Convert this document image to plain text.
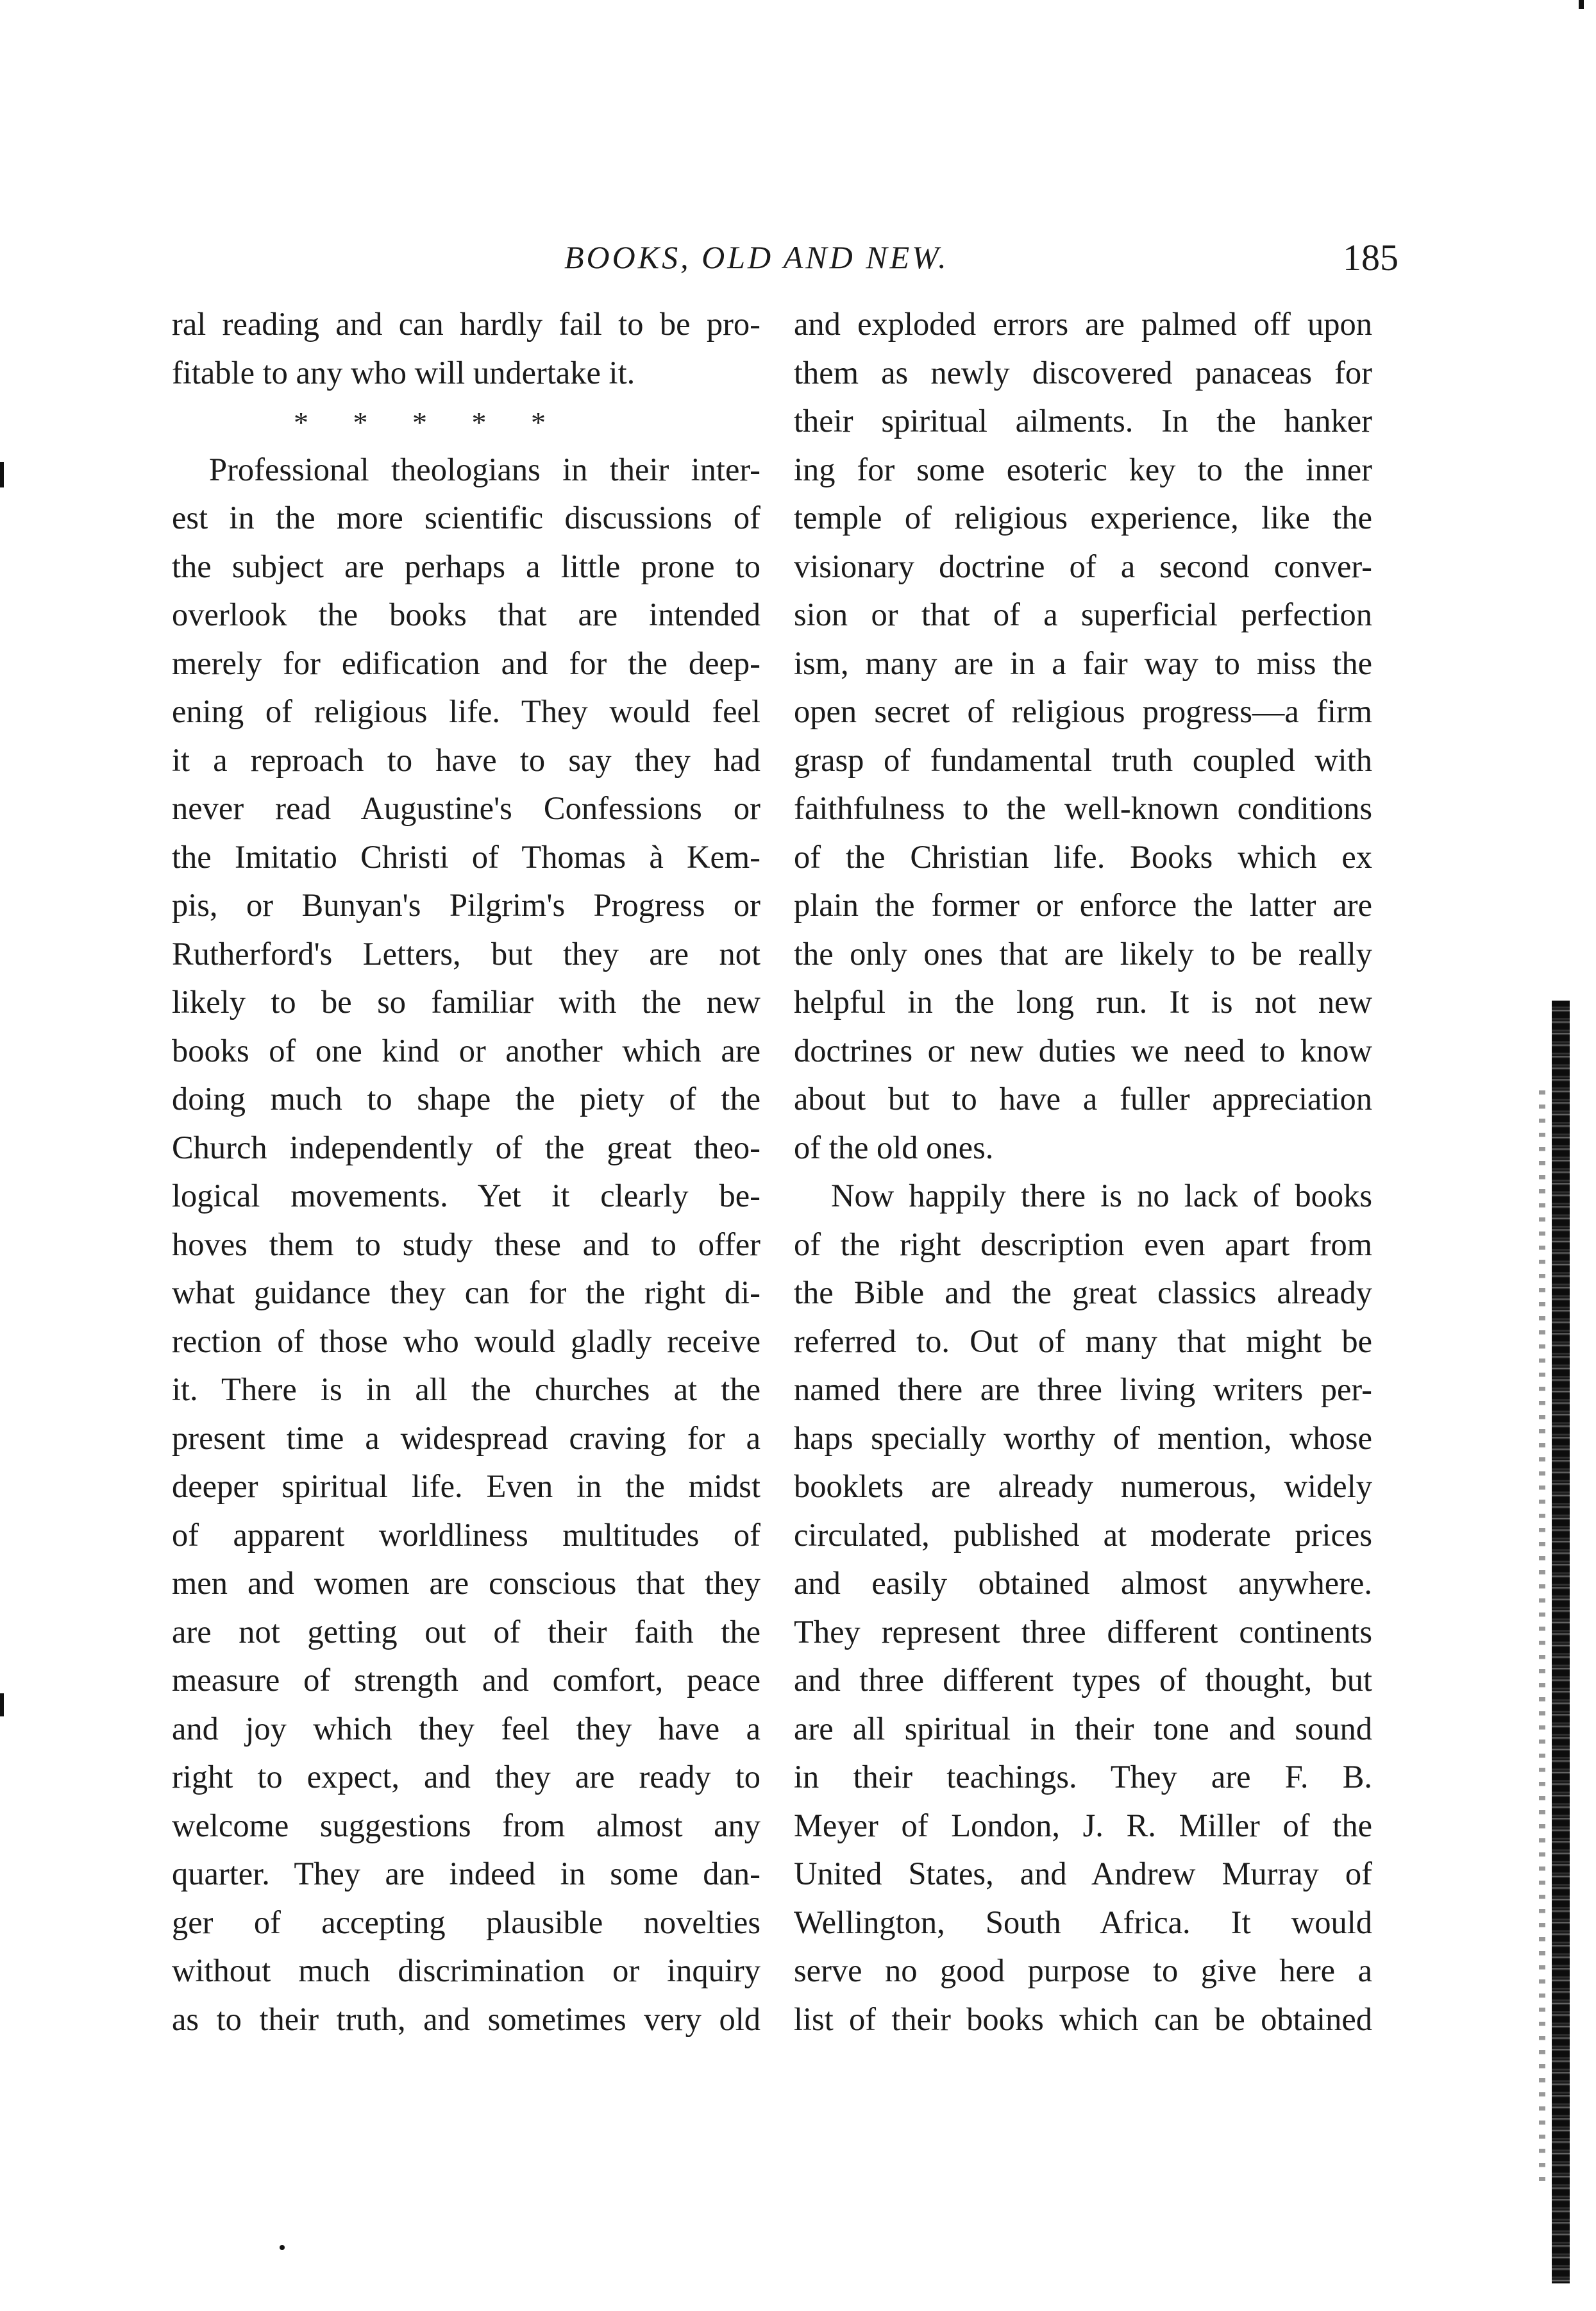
BOOKS, OLD AND NEW.	185
ral reading and can hardly fail to be pro-
fitable to any who will undertake it.
* * * * *
Professional theologians in their inter-
est in the more scientific discussions of
the subject are perhaps a little prone to
overlook the books that are intended
merely for edification and for the deep-
ening of religious life. They would feel
it a reproach to have to say they had
never read Augustine's Confessions or
the Imitatio Christi of Thomas à Kem-
pis, or Bunyan's Pilgrim's Progress or
Rutherford's Letters, but they are not
likely to be so familiar with the new
books of one kind or another which are
doing much to shape the piety of the
Church independently of the great theo-
logical movements. Yet it clearly be-
hoves them to study these and to offer
what guidance they can for the right di-
rection of those who would gladly receive
it. There is in all the churches at the
present time a widespread craving for a
deeper spiritual life. Even in the midst
of apparent worldliness multitudes of
men and women are conscious that they
are not getting out of their faith the
measure of strength and comfort, peace
and joy which they feel they have a
right to expect, and they are ready to
welcome suggestions from almost any
quarter. They are indeed in some dan-
ger of accepting plausible novelties
without much discrimination or inquiry
as to their truth, and sometimes very old
and exploded errors are palmed off upon
them as newly discovered panaceas for
their spiritual ailments. In the hanker
ing for some esoteric key to the inner
temple of religious experience, like the
visionary doctrine of a second conver-
sion or that of a superficial perfection
ism, many are in a fair way to miss the
open secret of religious progress—a firm
grasp of fundamental truth coupled with
faithfulness to the well-known conditions
of the Christian life. Books which ex
plain the former or enforce the latter are
the only ones that are likely to be really
helpful in the long run. It is not new
doctrines or new duties we need to know
about but to have a fuller appreciation
of the old ones.
Now happily there is no lack of books
of the right description even apart from
the Bible and the great classics already
referred to. Out of many that might be
named there are three living writers per-
haps specially worthy of mention, whose
booklets are already numerous, widely
circulated, published at moderate prices
and easily obtained almost anywhere.
They represent three different continents
and three different types of thought, but
are all spiritual in their tone and sound
in their teachings. They are F. B.
Meyer of London, J. R. Miller of the
United States, and Andrew Murray of
Wellington, South Africa. It would
serve no good purpose to give here a
list of their books which can be obtained
